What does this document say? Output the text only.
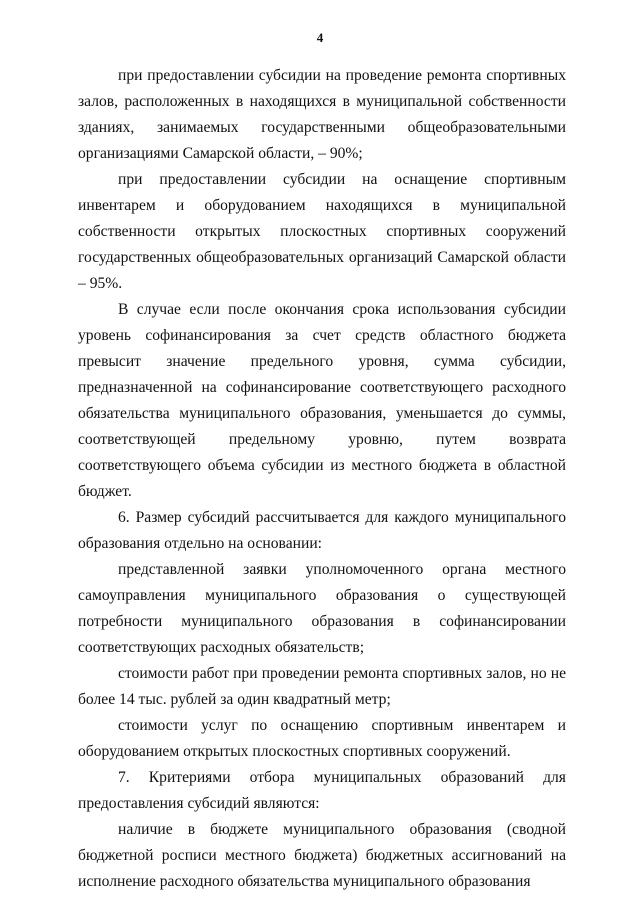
4

при предоставлении субсидии на проведение ремонта спортивных залов, расположенных в находящихся в муниципальной собственности зданиях, занимаемых государственными общеобразовательными организациями Самарской области, – 90%;

при предоставлении субсидии на оснащение спортивным инвентарем и оборудованием находящихся в муниципальной собственности открытых плоскостных спортивных сооружений государственных общеобразовательных организаций Самарской области – 95%.

В случае если после окончания срока использования субсидии уровень софинансирования за счет средств областного бюджета превысит значение предельного уровня, сумма субсидии, предназначенной на софинансирование соответствующего расходного обязательства муниципального образования, уменьшается до суммы, соответствующей предельному уровню, путем возврата соответствующего объема субсидии из местного бюджета в областной бюджет.

6. Размер субсидий рассчитывается для каждого муниципального образования отдельно на основании:

представленной заявки уполномоченного органа местного самоуправления муниципального образования о существующей потребности муниципального образования в софинансировании соответствующих расходных обязательств;

стоимости работ при проведении ремонта спортивных залов, но не более 14 тыс. рублей за один квадратный метр;

стоимости услуг по оснащению спортивным инвентарем и оборудованием открытых плоскостных спортивных сооружений.

7. Критериями отбора муниципальных образований для предоставления субсидий являются:

наличие в бюджете муниципального образования (сводной бюджетной росписи местного бюджета) бюджетных ассигнований на исполнение расходного обязательства муниципального образования
